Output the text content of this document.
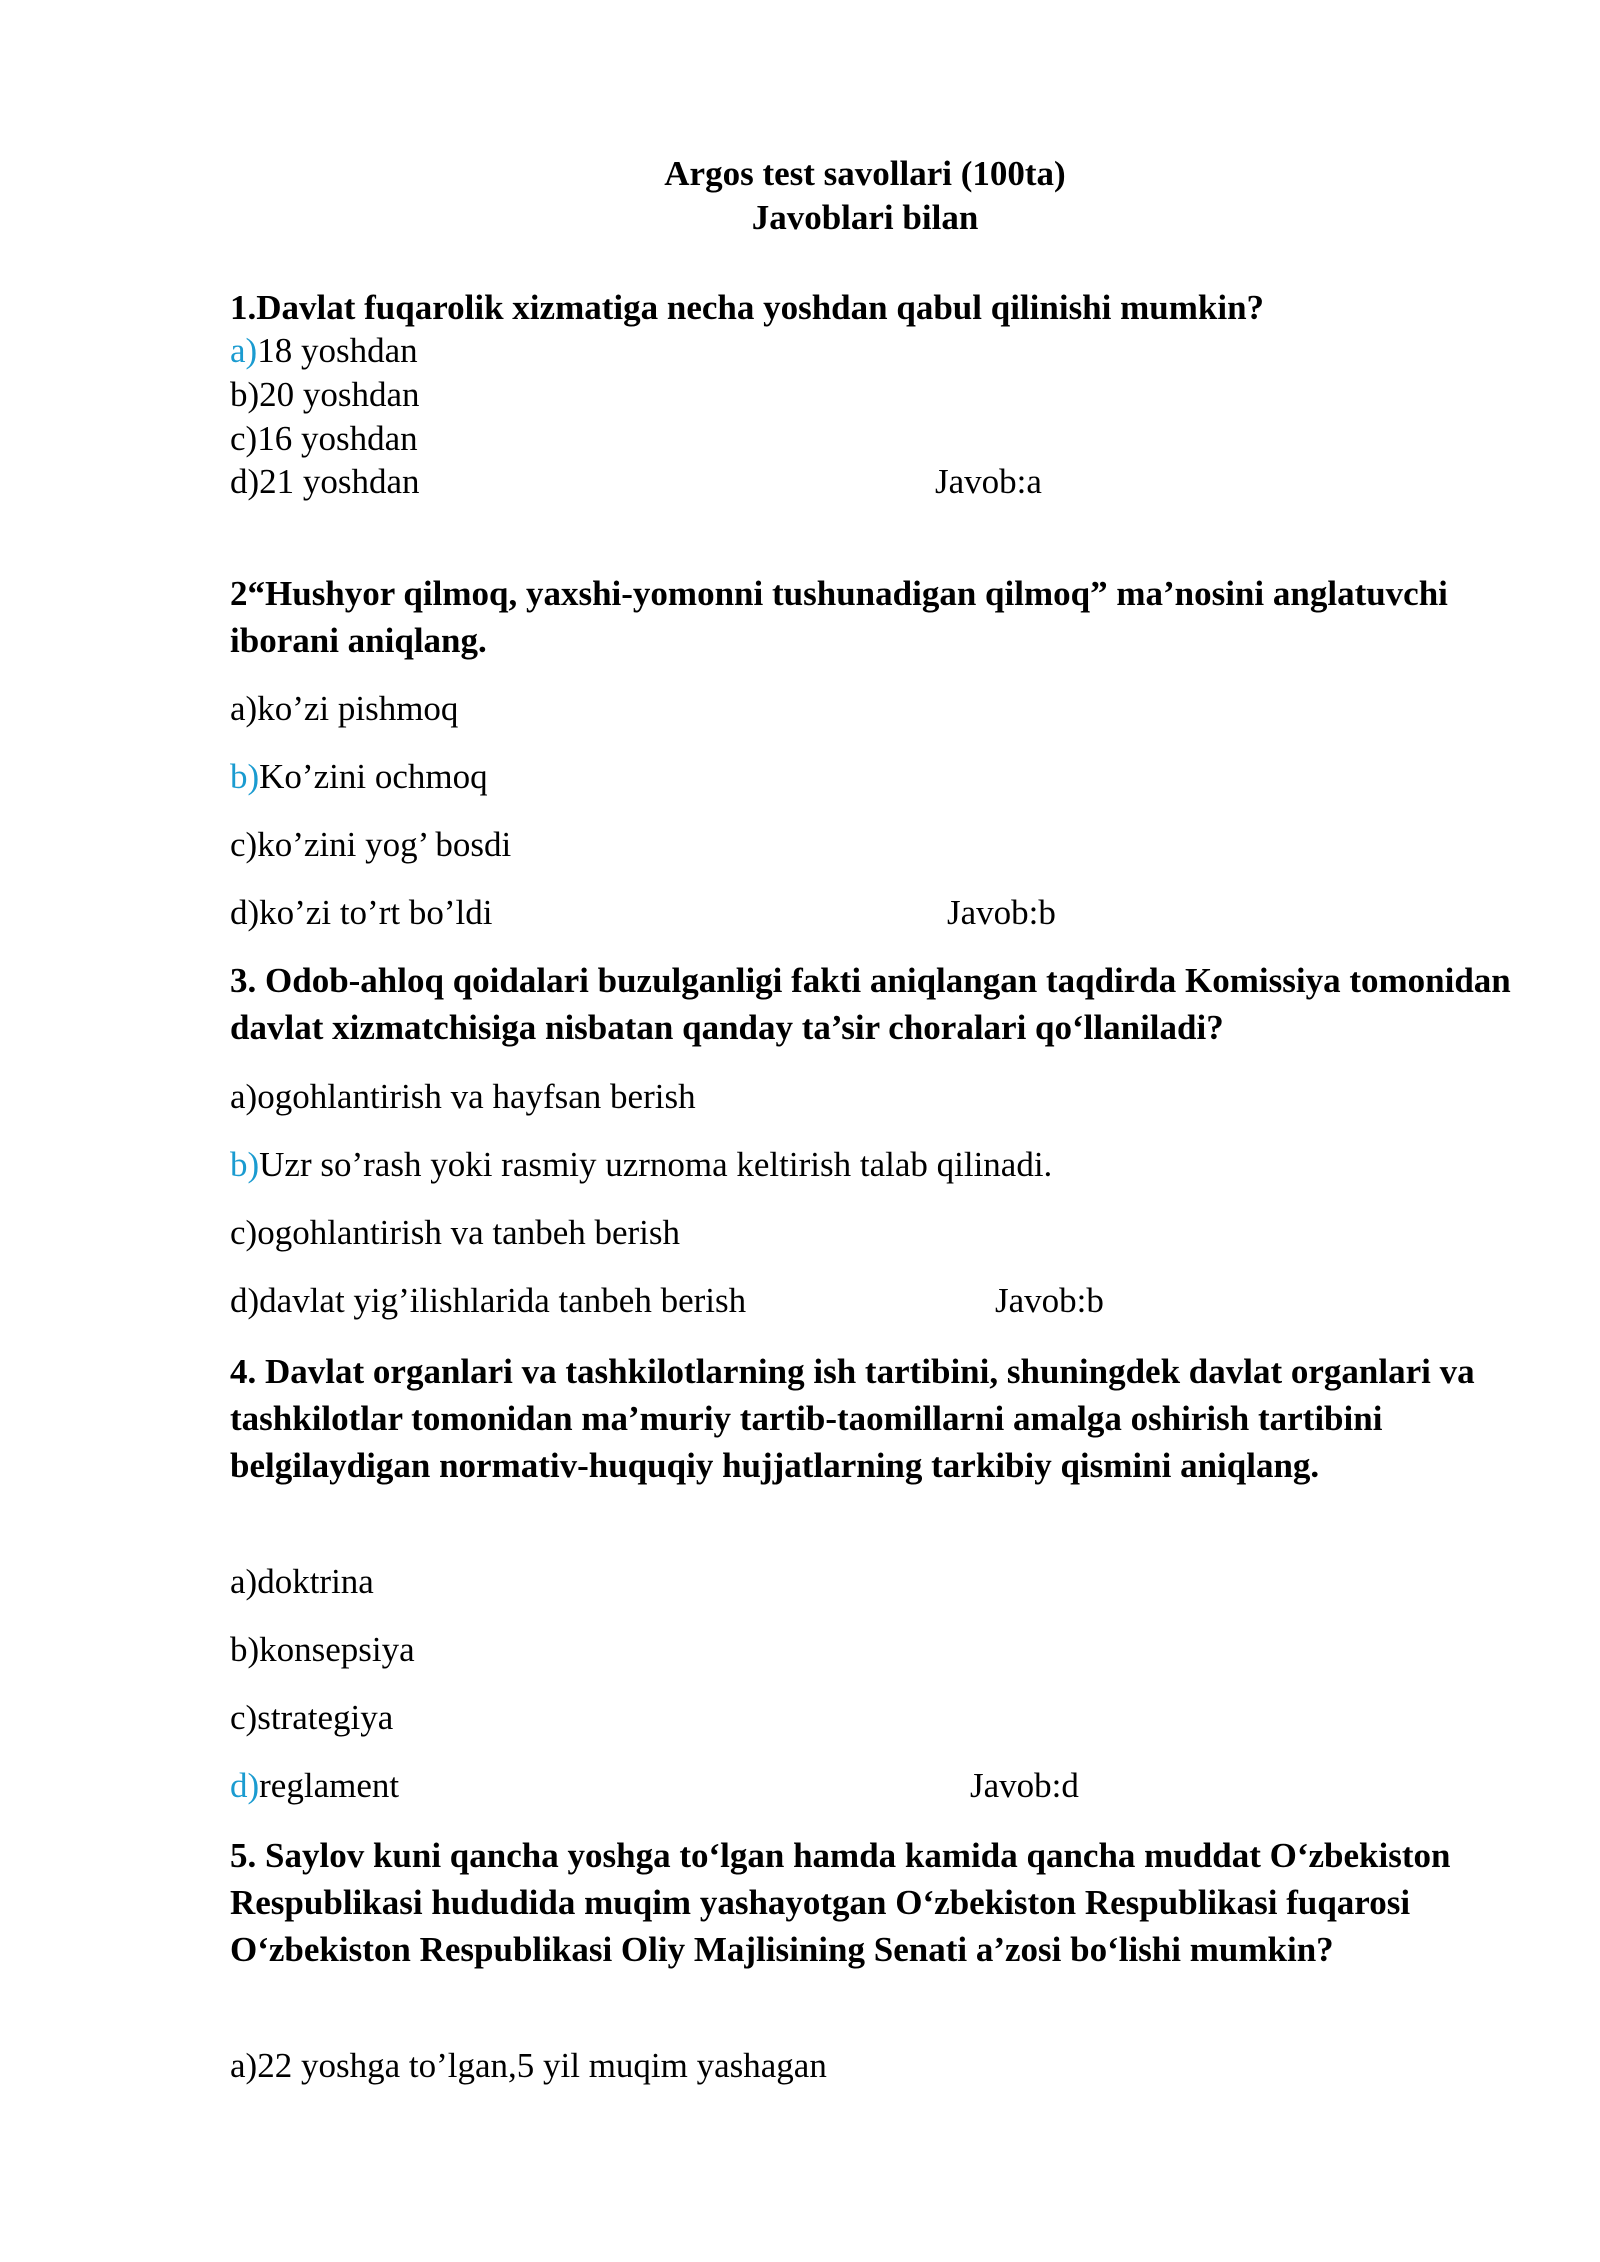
Argos test savollari (100ta)
Javoblari bilan
1.Davlat fuqarolik xizmatiga necha yoshdan qabul qilinishi mumkin?
a)18 yoshdan
b)20 yoshdan
c)16 yoshdan
d)21 yoshdan	Javob:a
2“Hushyor qilmoq, yaxshi-yomonni tushunadigan qilmoq” ma’nosini anglatuvchi iborani aniqlang.
a)ko’zi pishmoq
b)Ko’zini ochmoq
c)ko’zini yog’ bosdi
d)ko’zi to’rt bo’ldi	Javob:b
3. Odob-ahloq qoidalari buzulganligi fakti aniqlangan taqdirda Komissiya tomonidan davlat xizmatchisiga nisbatan qanday ta’sir choralari qo‘llaniladi?
a)ogohlantirish va hayfsan berish
b)Uzr so’rash yoki rasmiy uzrnoma keltirish talab qilinadi.
c)ogohlantirish va tanbeh berish
d)davlat yig’ilishlarida tanbeh berish	Javob:b
4. Davlat organlari va tashkilotlarning ish tartibini, shuningdek davlat organlari va tashkilotlar tomonidan ma’muriy tartib-taomillarni amalga oshirish tartibini belgilaydigan normativ-huquqiy hujjatlarning tarkibiy qismini aniqlang.
a)doktrina
b)konsepsiya
c)strategiya
d)reglament	Javob:d
5. Saylov kuni qancha yoshga to‘lgan hamda kamida qancha muddat O‘zbekiston Respublikasi hududida muqim yashayotgan O‘zbekiston Respublikasi fuqarosi O‘zbekiston Respublikasi Oliy Majlisining Senati a’zosi bo‘lishi mumkin?
a)22 yoshga to’lgan,5 yil muqim yashagan
